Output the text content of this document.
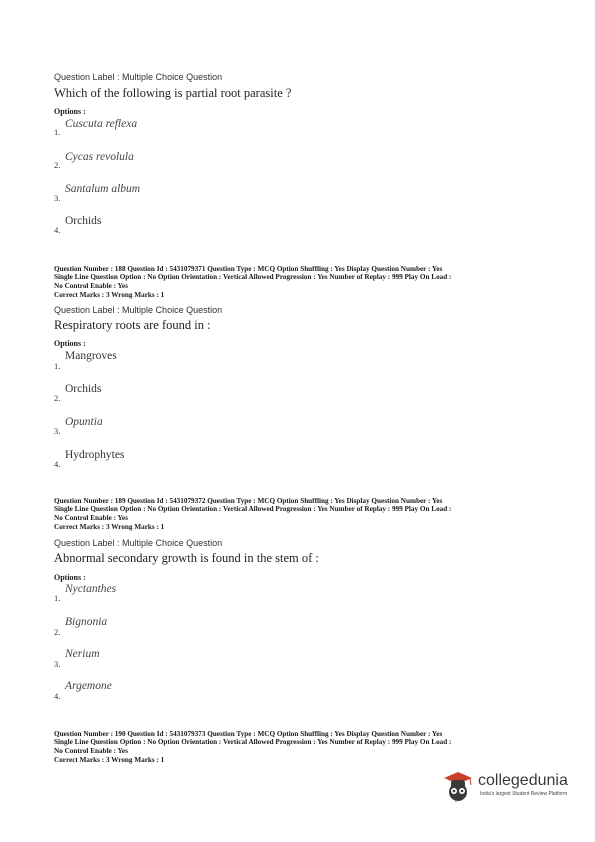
Question Label : Multiple Choice Question
Which of the following is partial root parasite ?
Options :
1.
Cuscuta reflexa
2.
Cycas revolula
3.
Santalum album
4.
Orchids
Question Number : 188 Question Id : 5431079371 Question Type : MCQ Option Shuffling : Yes Display Question Number : Yes
Single Line Question Option : No Option Orientation : Vertical Allowed Progression : Yes Number of Replay : 999 Play On Load :
No Control Enable : Yes
Correct Marks : 3 Wrong Marks : 1
Question Label : Multiple Choice Question
Respiratory roots are found in :
Options :
1.
Mangroves
2.
Orchids
3.
Opuntia
4.
Hydrophytes
Question Number : 189 Question Id : 5431079372 Question Type : MCQ Option Shuffling : Yes Display Question Number : Yes
Single Line Question Option : No Option Orientation : Vertical Allowed Progression : Yes Number of Replay : 999 Play On Load :
No Control Enable : Yes
Correct Marks : 3 Wrong Marks : 1
Question Label : Multiple Choice Question
Abnormal secondary growth is found in the stem of :
Options :
1.
Nyctanthes
2.
Bignonia
3.
Nerium
4.
Argemone
Question Number : 190 Question Id : 5431079373 Question Type : MCQ Option Shuffling : Yes Display Question Number : Yes
Single Line Question Option : No Option Orientation : Vertical Allowed Progression : Yes Number of Replay : 999 Play On Load :
No Control Enable : Yes
Correct Marks : 3 Wrong Marks : 1
collegedunia
India's largest Student Review Platform
